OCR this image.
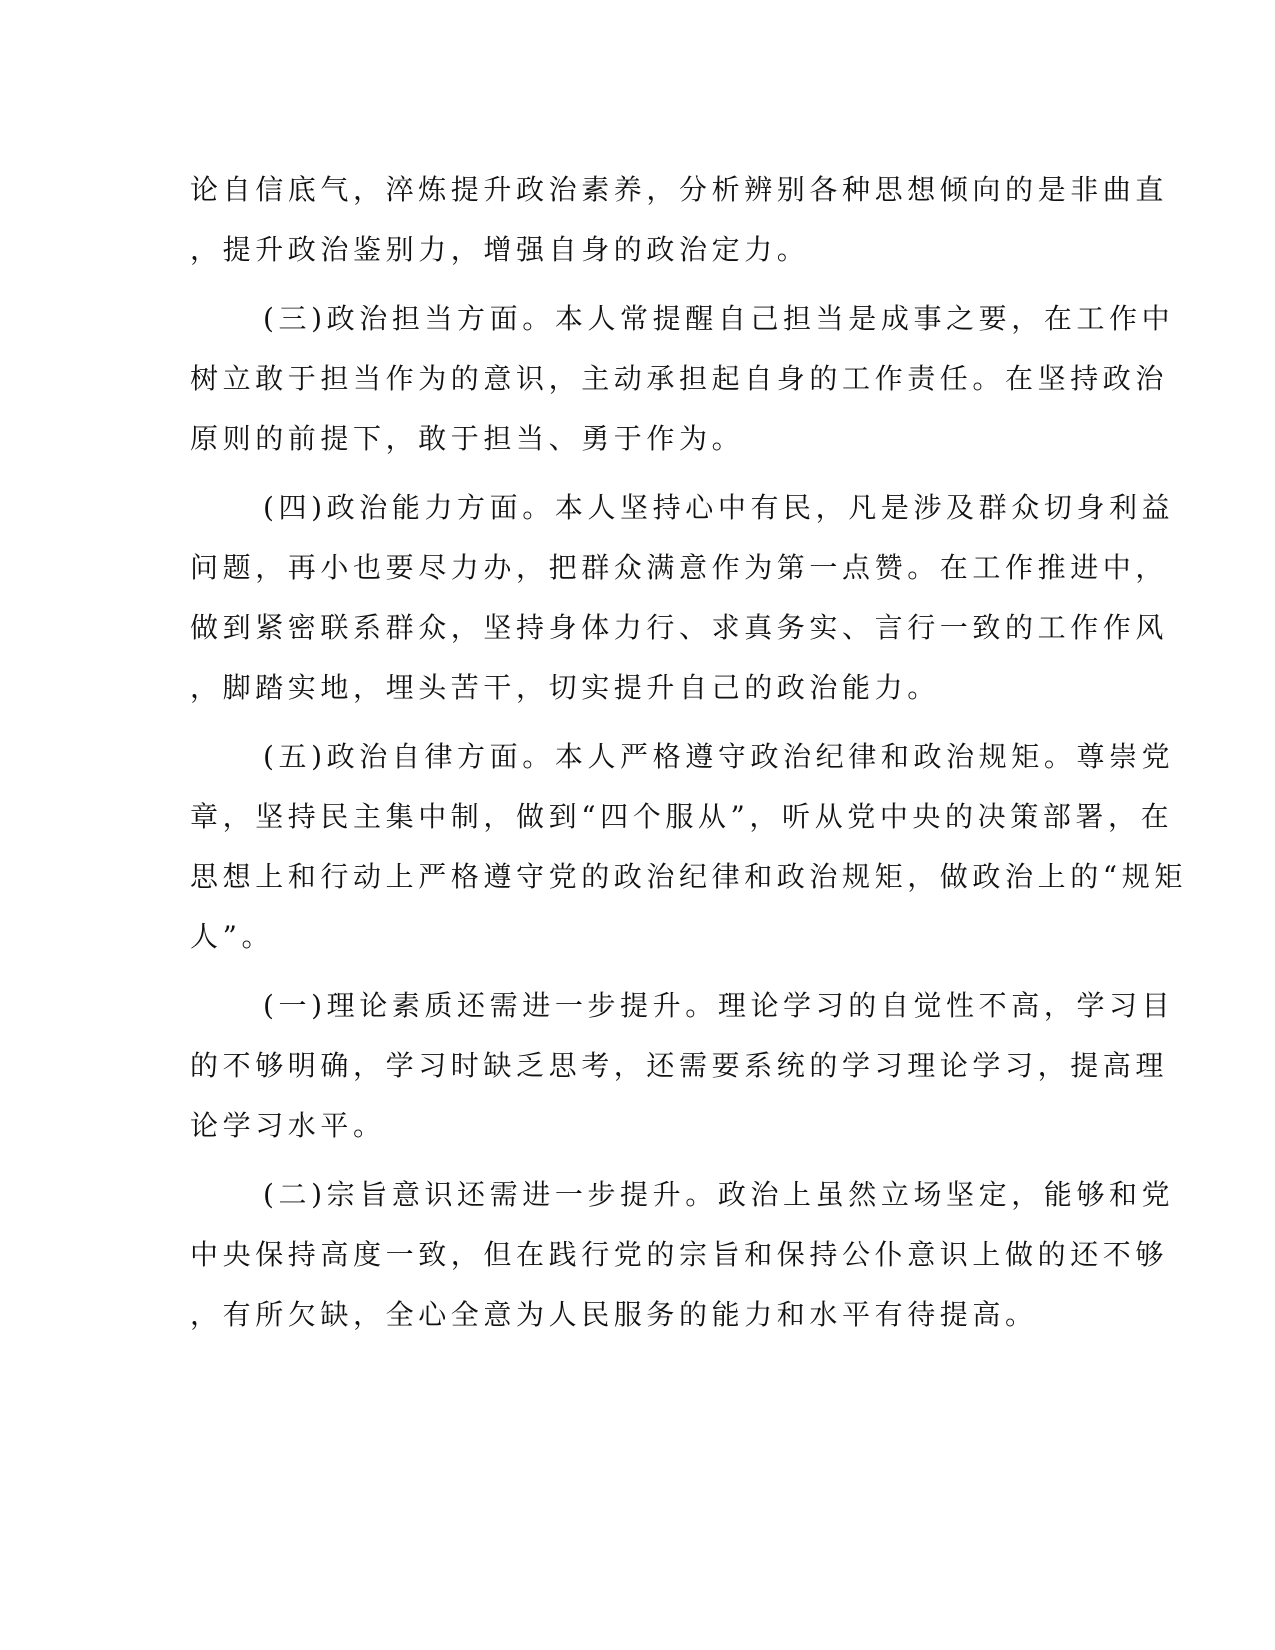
论自信底气，淬炼提升政治素养，分析辨别各种思想倾向的是非曲直
，提升政治鉴别力，增强自身的政治定力。
(三)政治担当方面。本人常提醒自己担当是成事之要，在工作中
树立敢于担当作为的意识，主动承担起自身的工作责任。在坚持政治
原则的前提下，敢于担当、勇于作为。
(四)政治能力方面。本人坚持心中有民，凡是涉及群众切身利益
问题，再小也要尽力办，把群众满意作为第一点赞。在工作推进中，
做到紧密联系群众，坚持身体力行、求真务实、言行一致的工作作风
，脚踏实地，埋头苦干，切实提升自己的政治能力。
(五)政治自律方面。本人严格遵守政治纪律和政治规矩。尊崇党
章，坚持民主集中制，做到“四个服从”，听从党中央的决策部署，在
思想上和行动上严格遵守党的政治纪律和政治规矩，做政治上的“规矩
人”。
(一)理论素质还需进一步提升。理论学习的自觉性不高，学习目
的不够明确，学习时缺乏思考，还需要系统的学习理论学习，提高理
论学习水平。
(二)宗旨意识还需进一步提升。政治上虽然立场坚定，能够和党
中央保持高度一致，但在践行党的宗旨和保持公仆意识上做的还不够
，有所欠缺，全心全意为人民服务的能力和水平有待提高。
